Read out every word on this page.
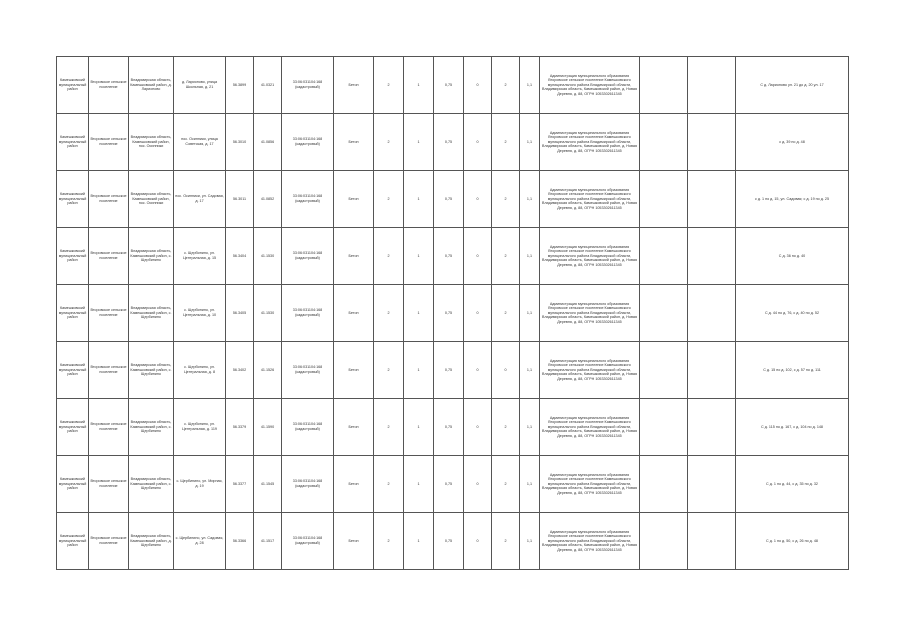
Камешковский муниципальный район	Второвское сельское поселение	Владимирская область, Камешковский район, д. Ларионово	д. Ларионово, улица Школьная, д. 21	56.3899	41.0321	33:06:031104:168 (кадастровый)	Бетон	2	1	0,75	0	2	1,1	Администрация муниципального образования Второвское сельское поселение Камешковского муниципального района Владимирской области, Владимирская область, Камешковский район, д. Новая Деревня, д. 88, ОГРН 1053302611345			С д. Ларионово ул. 21 до д. 20 ул. 17
Камешковский муниципальный район	Второвское сельское поселение	Владимирская область, Камешковский район, пос. Осинники	пос. Осинники, улица Советская, д. 17	56.3010	41.0856	33:06:031104:168 (кадастровый)	Бетон	2	1	0,75	0	2	1,1	Администрация муниципального образования Второвское сельское поселение Камешковского муниципального района Владимирской области, Владимирская область, Камешковский район, д. Новая Деревня, д. 88, ОГРН 1053302611345			с д. 39 по д. 48
Камешковский муниципальный район	Второвское сельское поселение	Владимирская область, Камешковский район, пос. Осинники	пос. Осинники, ул. Садовая, д. 17	56.3011	41.0852	33:06:031104:168 (кадастровый)	Бетон	2	1	0,75	0	2	1,1	Администрация муниципального образования Второвское сельское поселение Камешковского муниципального района Владимирской области, Владимирская область, Камешковский район, д. Новая Деревня, д. 88, ОГРН 1053302611345			с д. 1 по д. 15, ул. Садовая; с д. 19 по д. 25
Камешковский муниципальный район	Второвское сельское поселение	Владимирская область, Камешковский район, с. Щербинино	с. Щербинино, ул. Центральная, д. 15	56.3404	41.1530	33:06:031104:168 (кадастровый)	Бетон	2	1	0,75	0	2	1,1	Администрация муниципального образования Второвское сельское поселение Камешковского муниципального района Владимирской области, Владимирская область, Камешковский район, д. Новая Деревня, д. 88, ОГРН 1053302611345			С д. 36 по д. 40
Камешковский муниципальный район	Второвское сельское поселение	Владимирская область, Камешковский район, с. Щербинино	с. Щербинино, ул. Центральная, д. 10	56.3405	41.1530	33:06:031104:168 (кадастровый)	Бетон	2	1	0,75	0	2	1,1	Администрация муниципального образования Второвское сельское поселение Камешковского муниципального района Владимирской области, Владимирская область, Камешковский район, д. Новая Деревня, д. 88, ОГРН 1053302611345			С д. 44 по д. 76, с д. 40 по д. 52
Камешковский муниципальный район	Второвское сельское поселение	Владимирская область, Камешковский район, с. Щербинино	с. Щербинино, ул. Центральная, д. 8	56.3402	41.1526	33:06:031104:168 (кадастровый)	Бетон	2	1	0,75	0	0	1,1	Администрация муниципального образования Второвское сельское поселение Камешковского муниципального района Владимирской области, Владимирская область, Камешковский район, д. Новая Деревня, д. 88, ОГРН 1053302611345			С д. 15 по д. 102, с д. 57 по д. 111
Камешковский муниципальный район	Второвское сельское поселение	Владимирская область, Камешковский район, с. Щербинино	с. Щербинино, ул. Центральная, д. 119	56.3379	41.1590	33:06:031104:168 (кадастровый)	Бетон	2	1	0,75	0	2	1,1	Администрация муниципального образования Второвское сельское поселение Камешковского муниципального района Владимирской области, Владимирская область, Камешковский район, д. Новая Деревня, д. 88, ОГРН 1053302611345			С д. 115 по д. 167, с д. 104 по д. 148
Камешковский муниципальный район	Второвское сельское поселение	Владимирская область, Камешковский район, с. Щербинино	с. Щербинино, ул. Мирная, д. 19	56.3377	41.1545	33:06:031104:168 (кадастровый)	Бетон	2	1	0,75	0	2	1,1	Администрация муниципального образования Второвское сельское поселение Камешковского муниципального района Владимирской области, Владимирская область, Камешковский район, д. Новая Деревня, д. 88, ОГРН 1053302611345			С д. 1 по д. 44, с д. 35 по д. 32
Камешковский муниципальный район	Второвское сельское поселение	Владимирская область, Камешковский район, д. Щербинино	с. Щербинино, ул. Садовая, д. 28	56.3366	41.1517	33:06:031104:168 (кадастровый)	Бетон	2	1	0,75	0	2	1,1	Администрация муниципального образования Второвское сельское поселение Камешковского муниципального района Владимирской области, Владимирская область, Камешковский район, д. Новая Деревня, д. 88, ОГРН 1053302611345			С д. 1 по д. 50, с д. 26 по д. 48
